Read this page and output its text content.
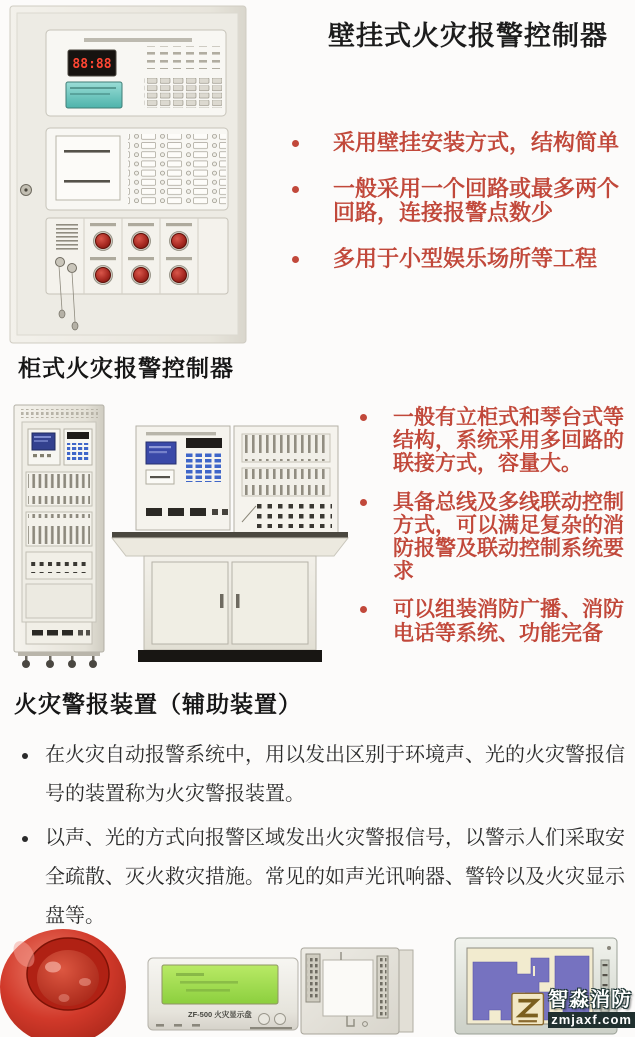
壁挂式火灾报警控制器
采用壁挂安装方式，结构简单
一般采用一个回路或最多两个回路，连接报警点数少
多用于小型娱乐场所等工程
88:88
柜式火灾报警控制器
一般有立柜式和琴台式等结构，系统采用多回路的联接方式，容量大。
具备总线及多线联动控制方式，可以满足复杂的消防报警及联动控制系统要求
可以组装消防广播、消防电话等系统、功能完备
火灾警报装置（辅助装置）
在火灾自动报警系统中，用以发出区别于环境声、光的火灾警报信号的装置称为火灾警报装置。
以声、光的方式向报警区域发出火灾警报信号，以警示人们采取安全疏散、灭火救灾措施。常见的如声光讯响器、警铃以及火灾显示盘等。
ZF-500 火灾显示盘
智淼消防
zmjaxf.com
